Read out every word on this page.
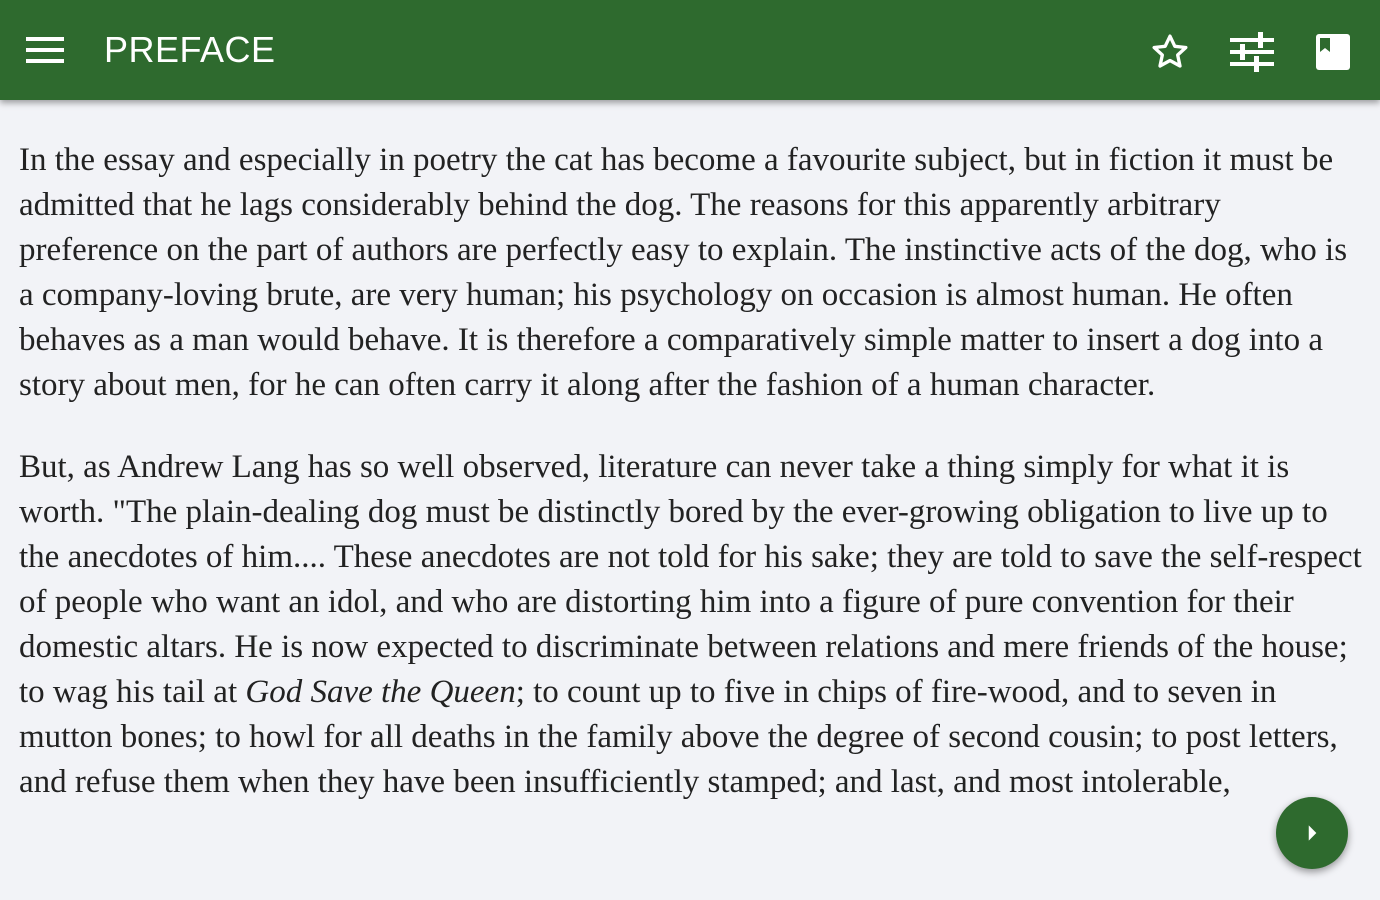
PREFACE

In the essay and especially in poetry the cat has become a favourite subject, but in fiction it must be admitted that he lags considerably behind the dog. The reasons for this apparently arbitrary preference on the part of authors are perfectly easy to explain. The instinctive acts of the dog, who is a company-loving brute, are very human; his psychology on occasion is almost human. He often behaves as a man would behave. It is therefore a comparatively simple matter to insert a dog into a story about men, for he can often carry it along after the fashion of a human character.

But, as Andrew Lang has so well observed, literature can never take a thing simply for what it is worth. "The plain-dealing dog must be distinctly bored by the ever-growing obligation to live up to the anecdotes of him.... These anecdotes are not told for his sake; they are told to save the self-respect of people who want an idol, and who are distorting him into a figure of pure convention for their domestic altars. He is now expected to discriminate between relations and mere friends of the house; to wag his tail at God Save the Queen; to count up to five in chips of fire-wood, and to seven in mutton bones; to howl for all deaths in the family above the degree of second cousin; to post letters, and refuse them when they have been insufficiently stamped; and last, and most intolerable,
